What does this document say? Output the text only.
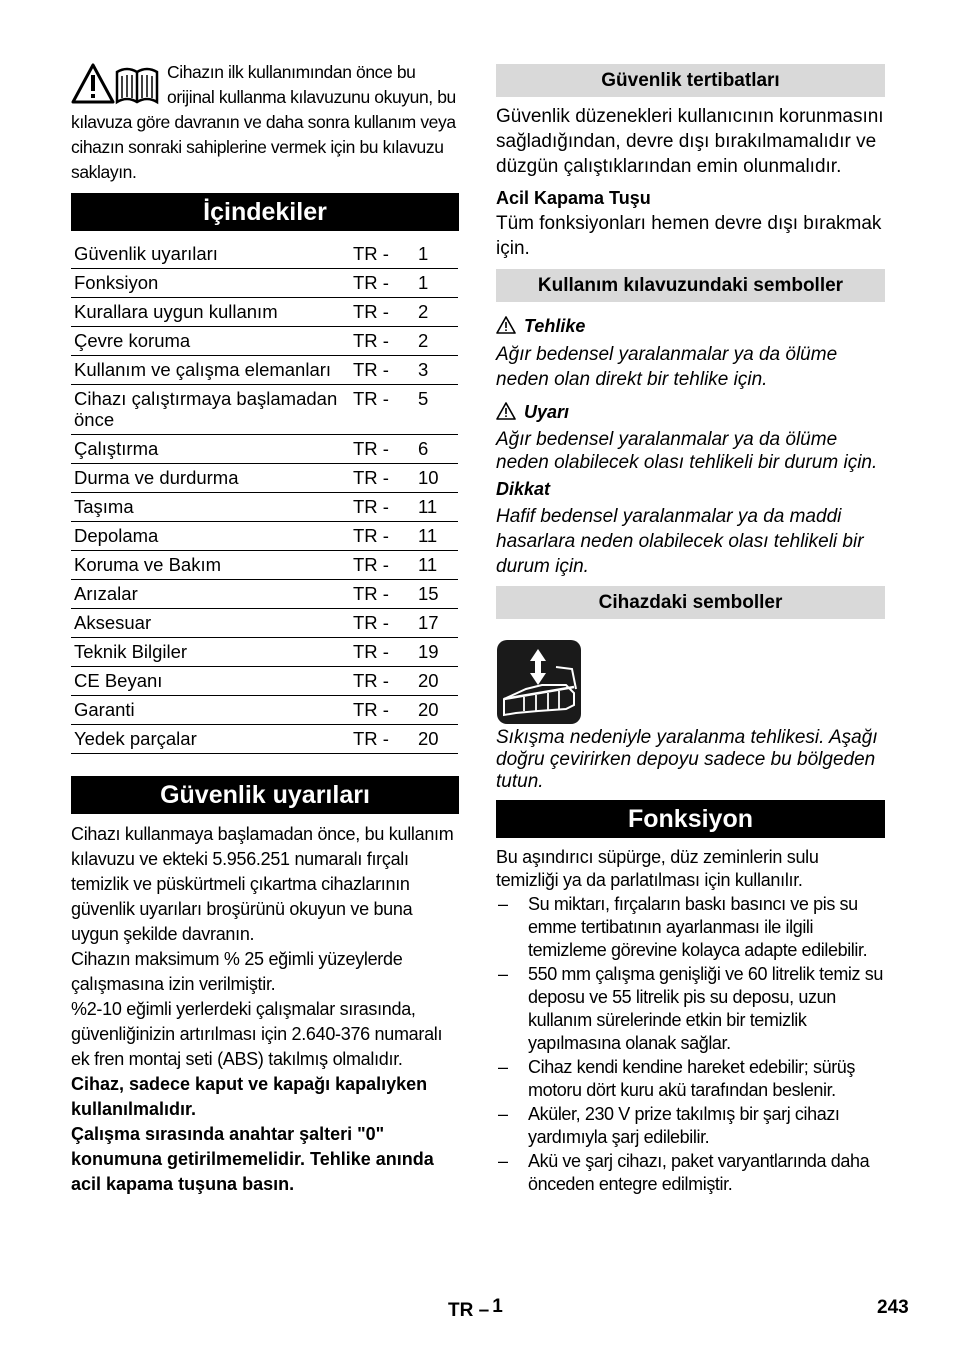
Cihazın ilk kullanımından önce bu orijinal kullanma kılavuzunu okuyun, bu kılavuza göre davranın ve daha sonra kullanım veya cihazın sonraki sahiplerine vermek için bu kılavuzu saklayın.
İçindekiler
Güvenlik uyarıları	TR -	1
Fonksiyon	TR -	1
Kurallara uygun kullanım	TR -	2
Çevre koruma	TR -	2
Kullanım ve çalışma elemanları	TR -	3
Cihazı çalıştırmaya başlamadan önce	TR -	5
Çalıştırma	TR -	6
Durma ve durdurma	TR -	10
Taşıma	TR -	11
Depolama	TR -	11
Koruma ve Bakım	TR -	11
Arızalar	TR -	15
Aksesuar	TR -	17
Teknik Bilgiler	TR -	19
CE Beyanı	TR -	20
Garanti	TR -	20
Yedek parçalar	TR -	20
Güvenlik uyarıları
Cihazı kullanmaya başlamadan önce, bu kullanım kılavuzu ve ekteki 5.956.251 numaralı fırçalı temizlik ve püskürtmeli çıkartma cihazlarının güvenlik uyarıları broşürünü okuyun ve buna uygun şekilde davranın.
Cihazın maksimum % 25 eğimli yüzeylerde çalışmasına izin verilmiştir.
%2-10 eğimli yerlerdeki çalışmalar sırasında, güvenliğinizin artırılması için 2.640-376 numaralı ek fren montaj seti (ABS) takılmış olmalıdır.
Cihaz, sadece kaput ve kapağı kapalıyken kullanılmalıdır.
Çalışma sırasında anahtar şalteri "0" konumuna getirilmemelidir. Tehlike anında acil kapama tuşuna basın.
Güvenlik tertibatları
Güvenlik düzenekleri kullanıcının korunmasını sağladığından, devre dışı bırakılmamalıdır ve düzgün çalıştıklarından emin olunmalıdır.
Acil Kapama Tuşu
Tüm fonksiyonları hemen devre dışı bırakmak için.
Kullanım kılavuzundaki semboller
Tehlike
Ağır bedensel yaralanmalar ya da ölüme neden olan direkt bir tehlike için.
Uyarı
Ağır bedensel yaralanmalar ya da ölüme neden olabilecek olası tehlikeli bir durum için.
Dikkat
Hafif bedensel yaralanmalar ya da maddi hasarlara neden olabilecek olası tehlikeli bir durum için.
Cihazdaki semboller
Sıkışma nedeniyle yaralanma tehlikesi. Aşağı doğru çevirirken depoyu sadece bu bölgeden tutun.
Fonksiyon
Bu aşındırıcı süpürge, düz zeminlerin sulu temizliği ya da parlatılması için kullanılır.
– Su miktarı, fırçaların baskı basıncı ve pis su emme tertibatının ayarlanması ile ilgili temizleme görevine kolayca adapte edilebilir.
– 550 mm çalışma genişliği ve 60 litrelik temiz su deposu ve 55 litrelik pis su deposu, uzun kullanım sürelerinde etkin bir temizlik yapılmasına olanak sağlar.
– Cihaz kendi kendine hareket edebilir; sürüş motoru dört kuru akü tarafından beslenir.
– Aküler, 230 V prize takılmış bir şarj cihazı yardımıyla şarj edilebilir.
– Akü ve şarj cihazı, paket varyantlarında daha önceden entegre edilmiştir.
TR – 1	243
